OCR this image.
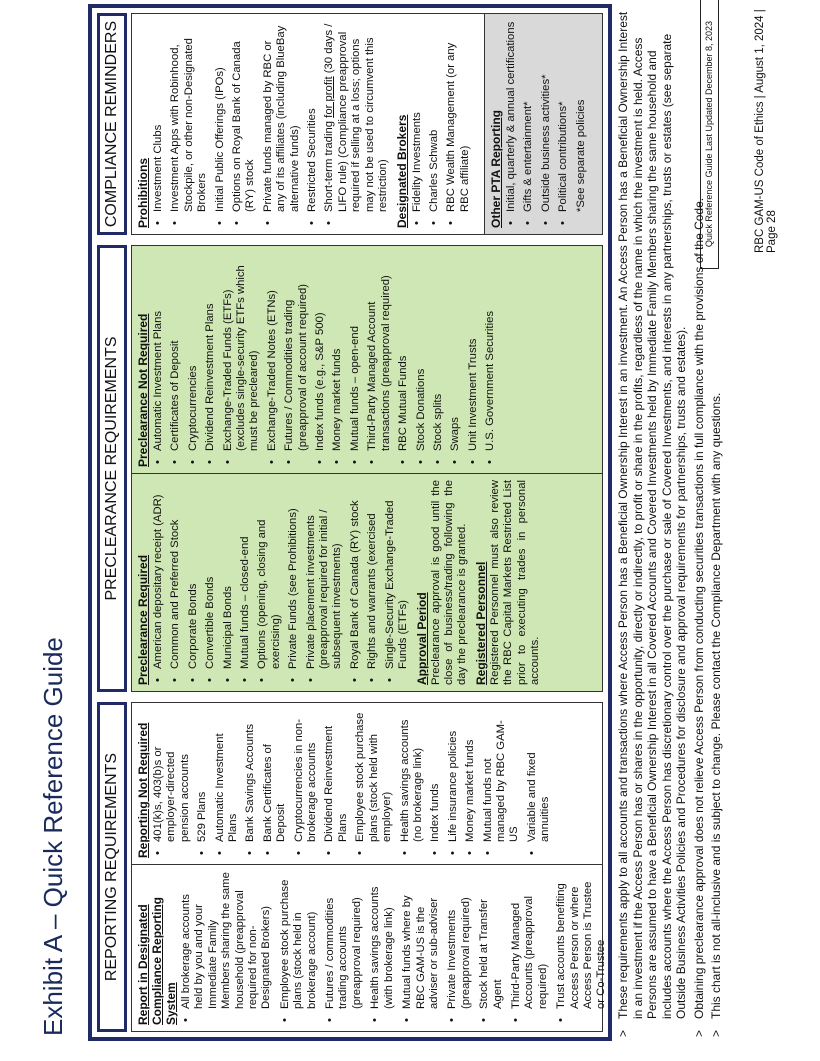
Exhibit A – Quick Reference Guide
Quick Reference Guide Last Updated December 8, 2023
REPORTING REQUIREMENTS	Report in Designated Compliance Reporting System • All brokerage accounts held by you and your Immediate Family Members sharing the same household (preapproval required for non-Designated Brokers) • Employee stock purchase plans (stock held in brokerage account) • Futures / commodities trading accounts (preapproval required) • Health savings accounts (with brokerage link) • Mutual funds where by RBC GAM-US is the adviser or sub-adviser • Private Investments (preapproval required) • Stock held at Transfer Agent • Third-Party Managed Accounts (preapproval required) • Trust accounts benefiting Access Person or where Access Person is Trustee or Co-Trustee
Reporting Not Required • 401(k)s, 403(b)s or employer-directed pension accounts • 529 Plans • Automatic Investment Plans • Bank Savings Accounts • Bank Certificates of Deposit • Cryptocurrencies in non-brokerage accounts • Dividend Reinvestment Plans • Employee stock purchase plans (stock held with employer) • Health savings accounts (no brokerage link) • Index funds • Life insurance policies • Money market funds • Mutual funds not managed by RBC GAM-US • Variable and fixed annuities
PRECLEARANCE REQUIREMENTS
Preclearance Required • American depositary receipt (ADR) • Common and Preferred Stock • Corporate Bonds • Convertible Bonds • Municipal Bonds • Mutual funds – closed-end • Options (opening, closing and exercising) • Private Funds (see Prohibitions) • Private placement investments (preapproval required for initial / subsequent investments) • Royal Bank of Canada (RY) stock • Rights and warrants (exercised • Single-Security Exchange-Traded Funds (ETFs) Approval Period Preclearance approval is good until the close of business/trading following the day the preclearance is granted. Registered Personnel Registered Personnel must also review the RBC Capital Markets Restricted List prior to executing trades in personal accounts.

Preclearance Not Required • Automatic Investment Plans • Certificates of Deposit • Cryptocurrencies • Dividend Reinvestment Plans • Exchange-Traded Funds (ETFs) (excludes single-security ETFs which must be precleared) • Exchange-Traded Notes (ETNs) • Futures / Commodities trading (preapproval of account required) • Index funds (e.g., S&P 500) • Money market funds • Mutual funds – open-end • Third-Party Managed Account transactions (preapproval required) • RBC Mutual Funds • Stock Donations • Stock splits • Swaps • Unit Investment Trusts • U.S. Government Securities
COMPLIANCE REMINDERS	Prohibitions • Investment Clubs • Investment Apps with Robinhood, Stockpile, or other non-Designated Brokers • Initial Public Offerings (IPOs) • Options on Royal Bank of Canada (RY) stock • Private funds managed by RBC or any of its affiliates (including BlueBay alternative funds) • Restricted Securities • Short-term trading for profit (30 days / LIFO rule) (Compliance preapproval required if selling at a loss; options may not be used to circumvent this restriction) Designated Brokers • Fidelity Investments • Charles Schwab • RBC Wealth Management (or any RBC affiliate) Other PTA Reporting • Initial, quarterly & annual certifications • Gifts & entertainment* • Outside business activities* • Political contributions* *See separate policies
>
These requirements apply to all accounts and transactions where Access Person has a Beneficial Ownership Interest in an investment. An Access Person has a Beneficial Ownership Interest in an investment if the Access Person has or shares in the opportunity, directly or indirectly, to profit or share in the profits, regardless of the name in which the investment is held. Access Persons are assumed to have a Beneficial Ownership Interest in all Covered Accounts and Covered Investments held by Immediate Family Members sharing the same household and includes accounts where the Access Person has discretionary control over the purchase or sale of Covered Investments, and interests in any partnerships, trusts or estates (see separate Outside Business Activities Policies and Procedures for disclosure and approval requirements for partnerships, trusts and estates).
>
Obtaining preclearance approval does not relieve Access Person from conducting securities transactions in full compliance with the provisions of the Code.
>
This chart is not all-inclusive and is subject to change. Please contact the Compliance Department with any questions.
RBC GAM-US Code of Ethics | August 1, 2024 | Page 28
